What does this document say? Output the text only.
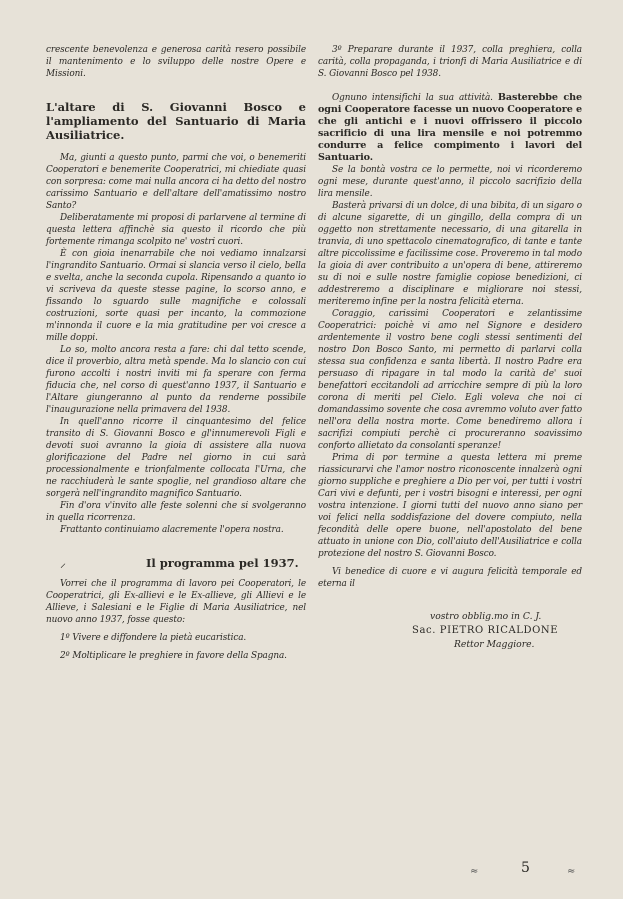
crescente benevolenza e generosa carità resero possibile il mantenimento e lo sviluppo delle nostre Opere e Missioni.

L'altare di S. Giovanni Bosco e l'ampliamento del Santuario di Maria Ausiliatrice.

Ma, giunti a questo punto, parmi che voi, o benemeriti Cooperatori e benemerite Cooperatrici, mi chiediate quasi con sorpresa: come mai nulla ancora ci ha detto del nostro carissimo Santuario e dell'altare dell'amatissimo nostro Santo?

Deliberatamente mi proposi di parlarvene al termine di questa lettera affinchè sia questo il ricordo che più fortemente rimanga scolpito ne' vostri cuori.

È con gioia inenarrabile che noi vediamo innalzarsi l'ingrandito Santuario. Ormai si slancia verso il cielo, bella e svelta, anche la seconda cupola. Ripensando a quanto io vi scriveva da queste stesse pagine, lo scorso anno, e fissando lo sguardo sulle magnifiche e colossali costruzioni, sorte quasi per incanto, la commozione m'innonda il cuore e la mia gratitudine per voi cresce a mille doppi.

Lo so, molto ancora resta a fare: chi dal tetto scende, dice il proverbio, altra metà spende. Ma lo slancio con cui furono accolti i nostri inviti mi fa sperare con ferma fiducia che, nel corso di quest'anno 1937, il Santuario e l'Altare giungeranno al punto da renderne possibile l'inaugurazione nella primavera del 1938.

In quell'anno ricorre il cinquantesimo del felice transito di S. Giovanni Bosco e gl'innumerevoli Figli e devoti suoi avranno la gioia di assistere alla nuova glorificazione del Padre nel giorno in cui sarà processionalmente e trionfalmente collocata l'Urna, che ne racchiuderà le sante spoglie, nel grandioso altare che sorgerà nell'ingrandito magnifico Santuario.

Fin d'ora v'invito alle feste solenni che si svolgeranno in quella ricorrenza.

Frattanto continuiamo alacremente l'opera nostra.

⸝	Il programma pel 1937.

Vorrei che il programma di lavoro pei Cooperatori, le Cooperatrici, gli Ex-allievi e le Ex-allieve, gli Allievi e le Allieve, i Salesiani e le Figlie di Maria Ausiliatrice, nel nuovo anno 1937, fosse questo:

1º Vivere e diffondere la pietà eucaristica.

2º Moltiplicare le preghiere in favore della Spagna.

3º Preparare durante il 1937, colla preghiera, colla carità, colla propaganda, i trionfi di Maria Ausiliatrice e di S. Giovanni Bosco pel 1938.

Ognuno intensifichi la sua attività. Basterebbe che ogni Cooperatore facesse un nuovo Cooperatore e che gli antichi e i nuovi offrissero il piccolo sacrificio di una lira mensile e noi potremmo condurre a felice compimento i lavori del Santuario.

Se la bontà vostra ce lo permette, noi vi ricorderemo ogni mese, durante quest'anno, il piccolo sacrifizio della lira mensile.

Basterà privarsi di un dolce, di una bibita, di un sigaro o di alcune sigarette, di un gingillo, della compra di un oggetto non strettamente necessario, di una gitarella in tranvia, di uno spettacolo cinematografico, di tante e tante altre piccolissime e facilissime cose. Proveremo in tal modo la gioia di aver contribuito a un'opera di bene, attireremo su di noi e sulle nostre famiglie copiose benedizioni, ci addestreremo a disciplinare e migliorare noi stessi, meriteremo infine per la nostra felicità eterna.

Coraggio, carissimi Cooperatori e zelantissime Cooperatrici: poichè vi amo nel Signore e desidero ardentemente il vostro bene cogli stessi sentimenti del nostro Don Bosco Santo, mi permetto di parlarvi colla stessa sua confidenza e santa libertà. Il nostro Padre era persuaso di ripagare in tal modo la carità de' suoi benefattori eccitandoli ad arricchire sempre di più la loro corona di meriti pel Cielo. Egli voleva che noi ci domandassimo sovente che cosa avremmo voluto aver fatto nell'ora della nostra morte. Come benediremo allora i sacrifizi compiuti perchè ci procureranno soavissimo conforto allietato da consolanti speranze!

Prima di por termine a questa lettera mi preme riassicurarvi che l'amor nostro riconoscente innalzerà ogni giorno suppliche e preghiere a Dio per voi, per tutti i vostri Cari vivi e defunti, per i vostri bisogni e interessi, per ogni vostra intenzione. I giorni tutti del nuovo anno siano per voi felici nella soddisfazione del dovere compiuto, nella fecondità delle opere buone, nell'apostolato del bene attuato in unione con Dio, coll'aiuto dell'Ausiliatrice e colla protezione del nostro S. Giovanni Bosco.

Vi benedice di cuore e vi augura felicità temporale ed eterna il

vostro obblig.mo in C. J.

Sac. PIETRO RICALDONE

Rettor Maggiore.

≈	≈
5
